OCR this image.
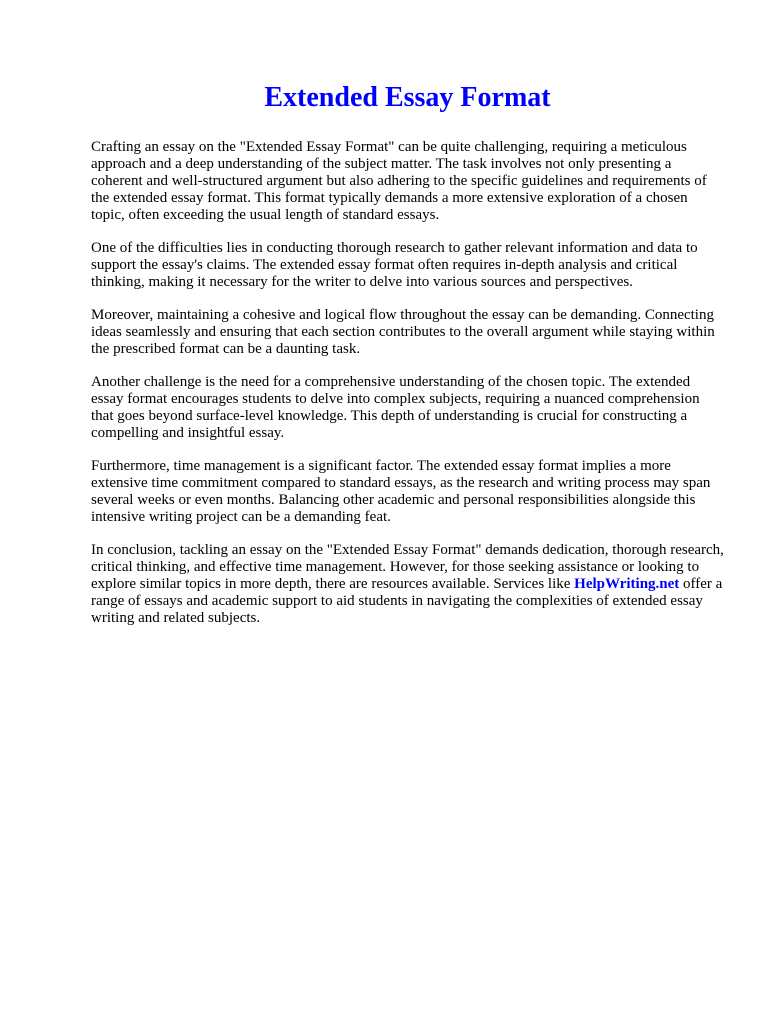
Extended Essay Format

Crafting an essay on the "Extended Essay Format" can be quite challenging, requiring a meticulous approach and a deep understanding of the subject matter. The task involves not only presenting a coherent and well-structured argument but also adhering to the specific guidelines and requirements of the extended essay format. This format typically demands a more extensive exploration of a chosen topic, often exceeding the usual length of standard essays.

One of the difficulties lies in conducting thorough research to gather relevant information and data to support the essay's claims. The extended essay format often requires in-depth analysis and critical thinking, making it necessary for the writer to delve into various sources and perspectives.

Moreover, maintaining a cohesive and logical flow throughout the essay can be demanding. Connecting ideas seamlessly and ensuring that each section contributes to the overall argument while staying within the prescribed format can be a daunting task.

Another challenge is the need for a comprehensive understanding of the chosen topic. The extended essay format encourages students to delve into complex subjects, requiring a nuanced comprehension that goes beyond surface-level knowledge. This depth of understanding is crucial for constructing a compelling and insightful essay.

Furthermore, time management is a significant factor. The extended essay format implies a more extensive time commitment compared to standard essays, as the research and writing process may span several weeks or even months. Balancing other academic and personal responsibilities alongside this intensive writing project can be a demanding feat.

In conclusion, tackling an essay on the "Extended Essay Format" demands dedication, thorough research, critical thinking, and effective time management. However, for those seeking assistance or looking to explore similar topics in more depth, there are resources available. Services like HelpWriting.net offer a range of essays and academic support to aid students in navigating the complexities of extended essay writing and related subjects.
